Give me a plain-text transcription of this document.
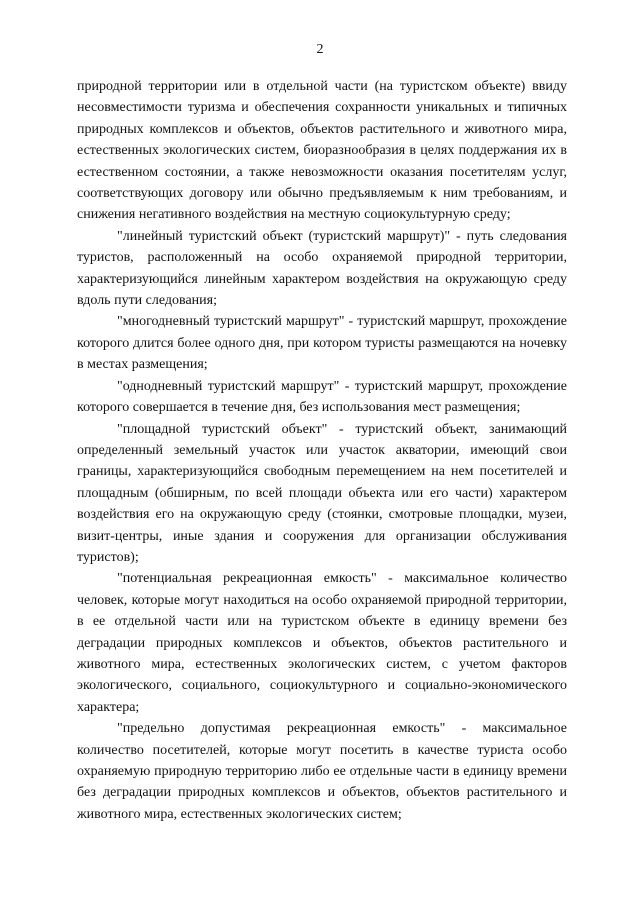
2

природной территории или в отдельной части (на туристском объекте) ввиду несовместимости туризма и обеспечения сохранности уникальных и типичных природных комплексов и объектов, объектов растительного и животного мира, естественных экологических систем, биоразнообразия в целях поддержания их в естественном состоянии, а также невозможности оказания посетителям услуг, соответствующих договору или обычно предъявляемым к ним требованиям, и снижения негативного воздействия на местную социокультурную среду;

"линейный туристский объект (туристский маршрут)" - путь следования туристов, расположенный на особо охраняемой природной территории, характеризующийся линейным характером воздействия на окружающую среду вдоль пути следования;

"многодневный туристский маршрут" - туристский маршрут, прохождение которого длится более одного дня, при котором туристы размещаются на ночевку в местах размещения;

"однодневный туристский маршрут" - туристский маршрут, прохождение которого совершается в течение дня, без использования мест размещения;

"площадной туристский объект" - туристский объект, занимающий определенный земельный участок или участок акватории, имеющий свои границы, характеризующийся свободным перемещением на нем посетителей и площадным (обширным, по всей площади объекта или его части) характером воздействия его на окружающую среду (стоянки, смотровые площадки, музеи, визит-центры, иные здания и сооружения для организации обслуживания туристов);

"потенциальная рекреационная емкость" - максимальное количество человек, которые могут находиться на особо охраняемой природной территории, в ее отдельной части или на туристском объекте в единицу времени без деградации природных комплексов и объектов, объектов растительного и животного мира, естественных экологических систем, с учетом факторов экологического, социального, социокультурного и социально-экономического характера;

"предельно допустимая рекреационная емкость" - максимальное количество посетителей, которые могут посетить в качестве туриста особо охраняемую природную территорию либо ее отдельные части в единицу времени без деградации природных комплексов и объектов, объектов растительного и животного мира, естественных экологических систем;
